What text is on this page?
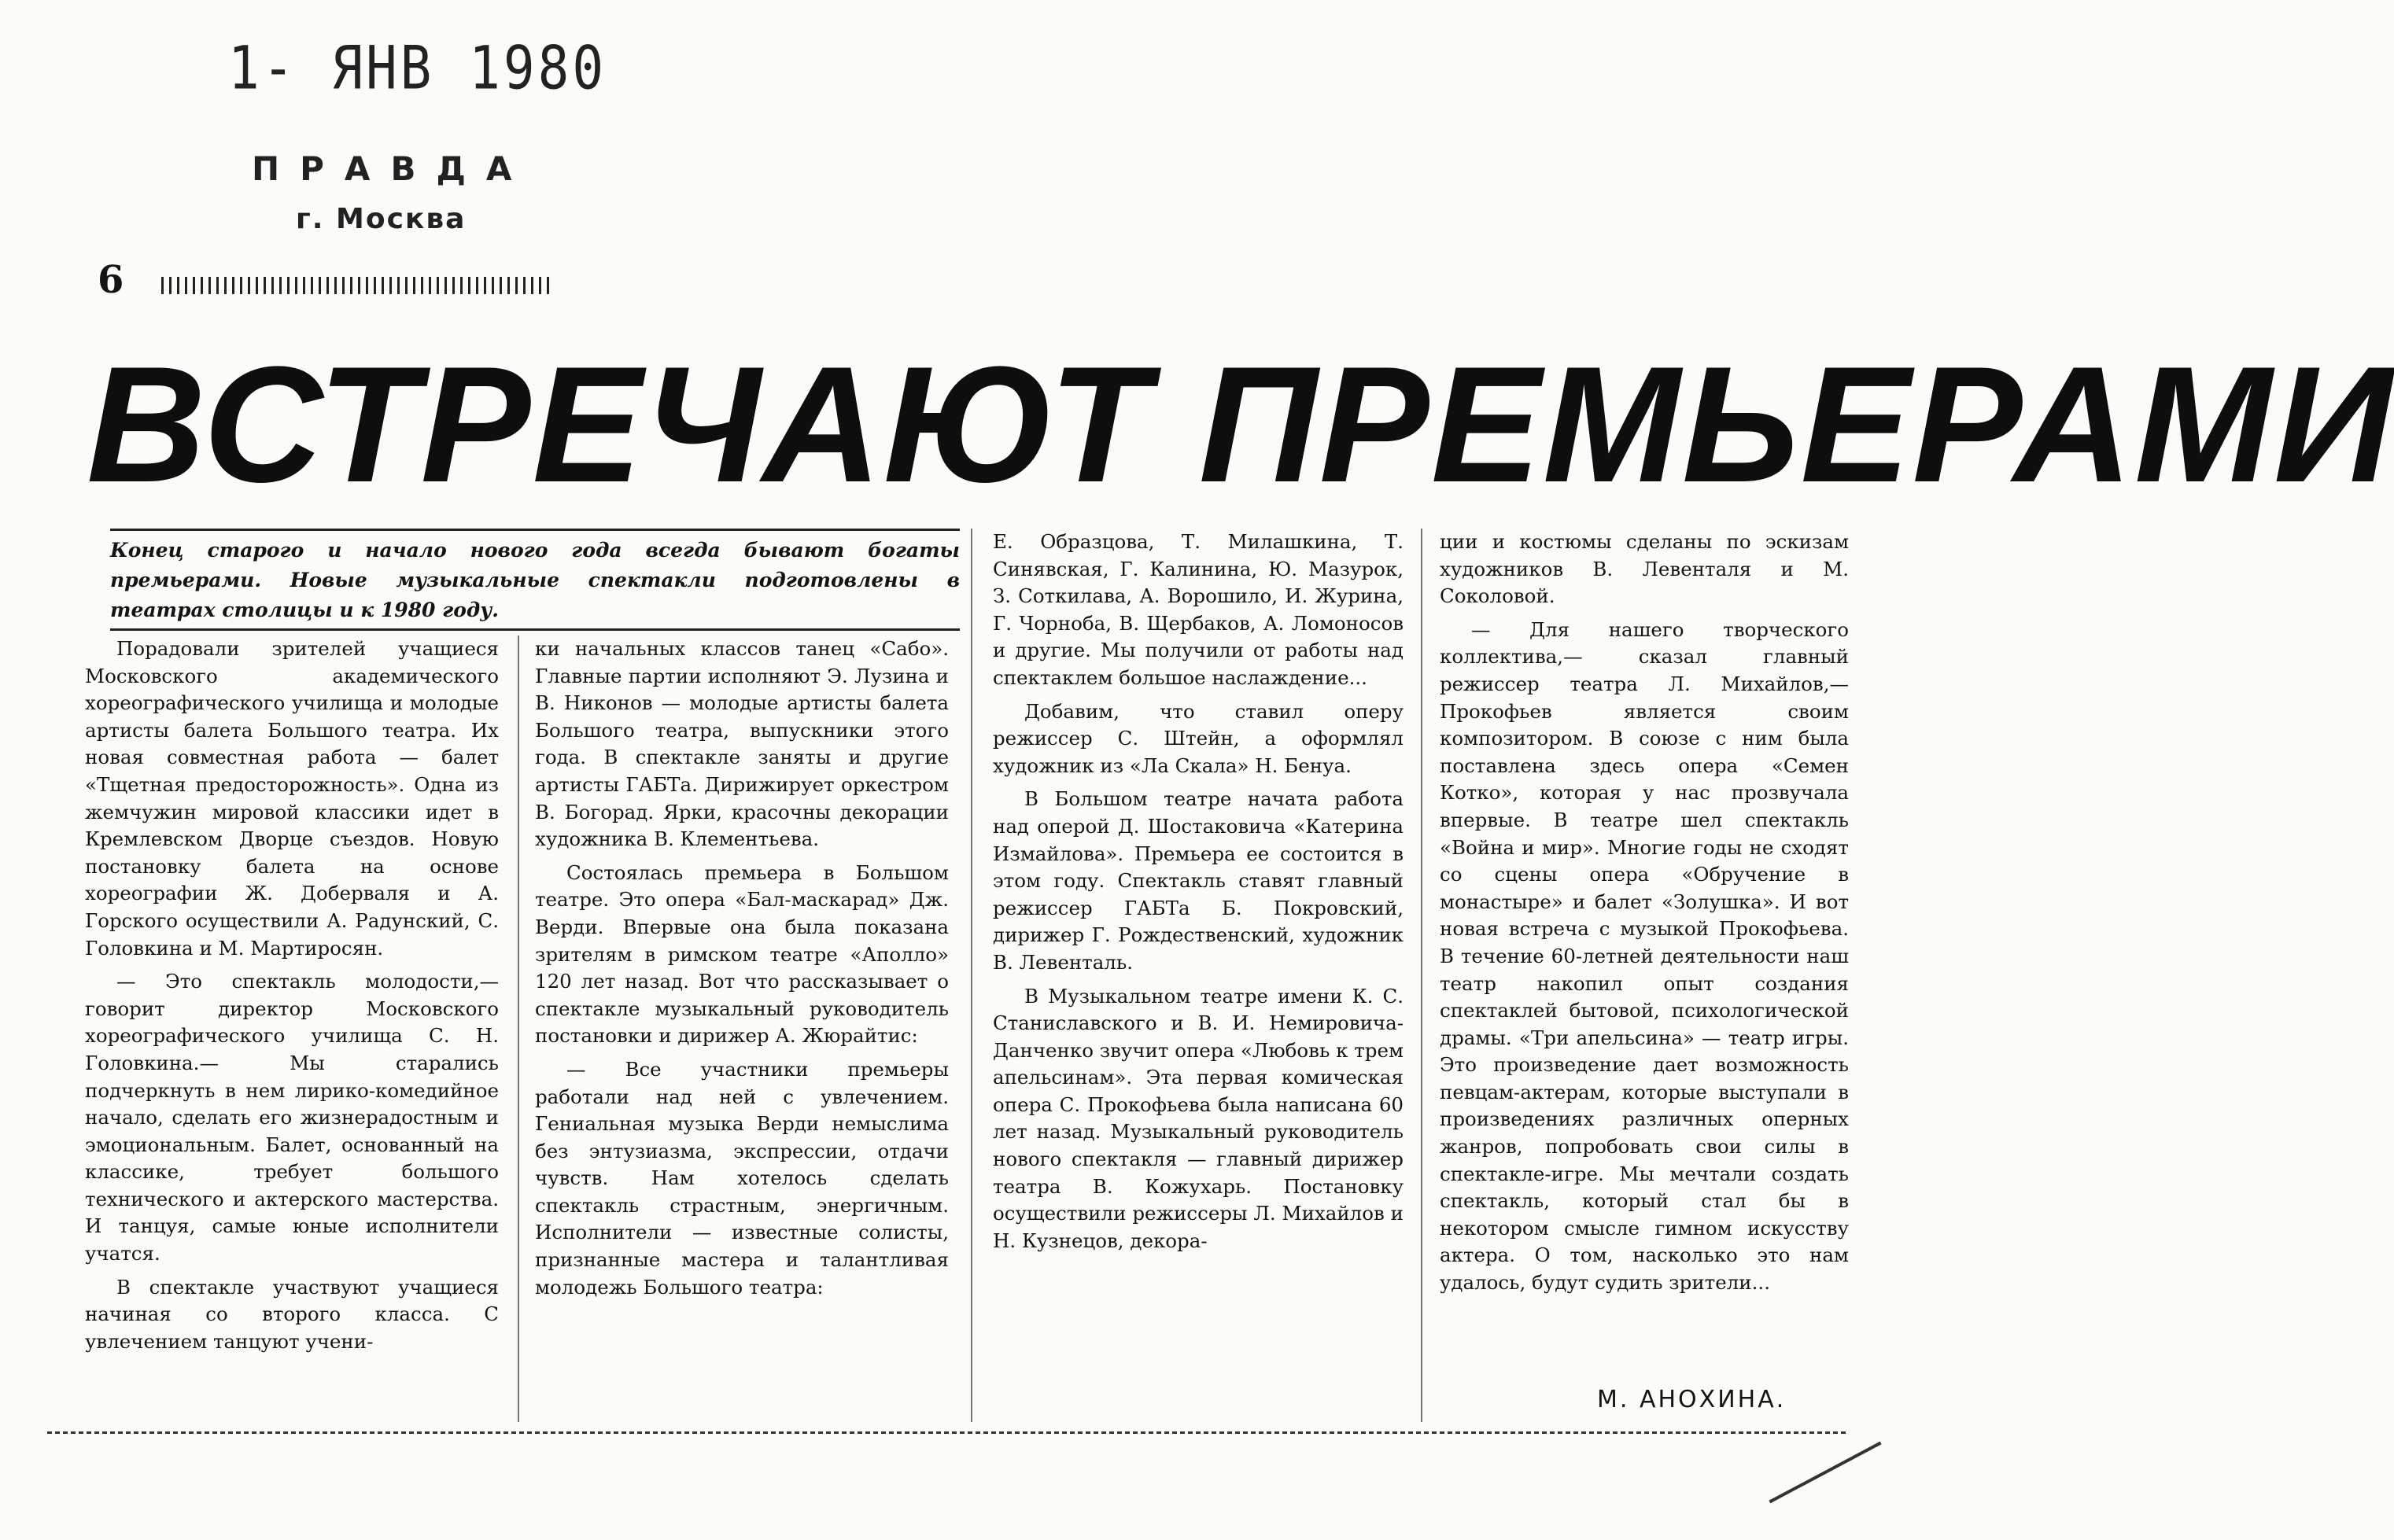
1- ЯНВ 1980
ПРАВДА
г. Москва
6
ВСТРЕЧАЮТ ПРЕМЬЕРАМИ

Конец старого и начало нового года всегда бывают богаты премьерами. Новые музыкальные спектакли подготовлены в театрах столицы и к 1980 году.

Порадовали зрителей учащиеся Московского академического хореографического училища и молодые артисты балета Большого театра. Их новая совместная работа — балет «Тщетная предосторожность». Одна из жемчужин мировой классики идет в Кремлевском Дворце съездов. Новую постановку балета на основе хореографии Ж. Доберваля и А. Горского осуществили А. Радунский, С. Головкина и М. Мартиросян.

— Это спектакль молодости,— говорит директор Московского хореографического училища С. Н. Головкина.— Мы старались подчеркнуть в нем лирико-комедийное начало, сделать его жизнерадостным и эмоциональным. Балет, основанный на классике, требует большого технического и актерского мастерства. И танцуя, самые юные исполнители учатся.

В спектакле участвуют учащиеся начиная со второго класса. С увлечением танцуют учени-

ки начальных классов танец «Сабо». Главные партии исполняют Э. Лузина и В. Никонов — молодые артисты балета Большого театра, выпускники этого года. В спектакле заняты и другие артисты ГАБТа. Дирижирует оркестром В. Богорад. Ярки, красочны декорации художника В. Клементьева.

Состоялась премьера в Большом театре. Это опера «Бал-маскарад» Дж. Верди. Впервые она была показана зрителям в римском театре «Аполло» 120 лет назад. Вот что рассказывает о спектакле музыкальный руководитель постановки и дирижер А. Жюрайтис:

— Все участники премьеры работали над ней с увлечением. Гениальная музыка Верди немыслима без энтузиазма, экспрессии, отдачи чувств. Нам хотелось сделать спектакль страстным, энергичным. Исполнители — известные солисты, признанные мастера и талантливая молодежь Большого театра:

Е. Образцова, Т. Милашкина, Т. Синявская, Г. Калинина, Ю. Мазурок, З. Соткилава, А. Ворошило, И. Журина, Г. Чорноба, В. Щербаков, А. Ломоносов и другие. Мы получили от работы над спектаклем большое наслаждение...

Добавим, что ставил оперу режиссер С. Штейн, а оформлял художник из «Ла Скала» Н. Бенуа.

В Большом театре начата работа над оперой Д. Шостаковича «Катерина Измайлова». Премьера ее состоится в этом году. Спектакль ставят главный режиссер ГАБТа Б. Покровский, дирижер Г. Рождественский, художник В. Левенталь.

В Музыкальном театре имени К. С. Станиславского и В. И. Немировича-Данченко звучит опера «Любовь к трем апельсинам». Эта первая комическая опера С. Прокофьева была написана 60 лет назад. Музыкальный руководитель нового спектакля — главный дирижер театра В. Кожухарь. Постановку осуществили режиссеры Л. Михайлов и Н. Кузнецов, декора-

ции и костюмы сделаны по эскизам художников В. Левенталя и М. Соколовой.

— Для нашего творческого коллектива,— сказал главный режиссер театра Л. Михайлов,— Прокофьев является своим композитором. В союзе с ним была поставлена здесь опера «Семен Котко», которая у нас прозвучала впервые. В театре шел спектакль «Война и мир». Многие годы не сходят со сцены опера «Обручение в монастыре» и балет «Золушка». И вот новая встреча с музыкой Прокофьева. В течение 60-летней деятельности наш театр накопил опыт создания спектаклей бытовой, психологической драмы. «Три апельсина» — театр игры. Это произведение дает возможность певцам-актерам, которые выступали в произведениях различных оперных жанров, попробовать свои силы в спектакле-игре. Мы мечтали создать спектакль, который стал бы в некотором смысле гимном искусству актера. О том, насколько это нам удалось, будут судить зрители...

М. АНОХИНА.
